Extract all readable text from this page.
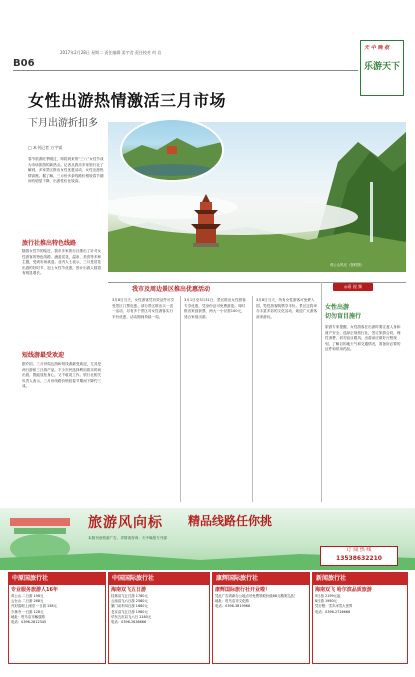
2017年2月28日 星期二 责任编辑 姜宇君 责任校对 何 岩
B06
天 中 晚 报
乐游天下
女性出游热情激活三月市场
下月出游折扣多
□ 本刊记者 万宇霖
鸡公山风光（资料图）
春节旅游旺季刚过，即将到来的“三八”女性节成为市场旅游的新热点。记者从我市多家旅行社了解到，多家景区推出女性优惠活动，女性出游热情高涨。据了解，三月份多条线路价格较春节期间有明显下降，出游性价比较高。
旅行社推出特色线路
随着女性节的临近，我市多家旅行社推出了针对女性游客的特色线路，涵盖赏花、温泉、美食等多种主题，受到市场欢迎。业内人士表示，三月是赏花出游的好时节，加上女性节优惠，预计出游人数将有明显增长。
短线游最受欢迎
据介绍，三月份周边游和短线游最受欢迎，尤其是两日游和三日游产品。不少市民选择利用周末时间出游，既能放松身心，又不耽误工作。旅行社相关负责人表示，三月份线路价格较春节期间下降约三成。
我市及周边景区推出优惠活动
3月8日当天，女性游客凭有效证件可享受景区门票优惠。部分景区推出买一送一活动，另有多个景区对女性游客实行半价优惠，活动期间持续一周。
3月1日至3月31日，景区推出女性游客专享优惠，凭身份证可免费游览。同时推出家庭套票，两大一小仅需100元，适合家庭出游。
3月8日当天，所有女性游客可免费入园，男性游客购票享半价。景区还将举办丰富多彩的文化活动，欢迎广大游客前来游玩。
◎看 视 频
女性出游
切勿盲目施行
旅游专家提醒，女性游客在出游时要注意人身和财产安全，选择正规旅行社，签订旅游合同，理性消费，切勿盲目跟风。出游前应做好行程规划，了解目的地天气和交通情况，准备好必要的证件和常用药品。
旅游风向标 精品线路任你挑
本版刊登旅游广告，详情请咨询：天中晚报专刊部
订 阅 热 线
13538632210
中原国旅行社
专业服务旅游人16年
鸡公山 二日游 198元
云台山 二日游 268元
开封清明上河园 一日游 158元
少林寺 一日游 128元
地址：驻马店市解放路
电话：0396-2812345
中国国际旅行社
海南双飞五日游
桂林双飞五日游 1780元
云南双飞六日游 2580元
厦门动车四日游 1680元
北京双飞五日游 1980元
华东五市双飞六日 2180元
电话：0396-2636666
康辉国际旅行社
康辉国际旅行社开业啦！
凭此广告到新办公地点可免费领取价值68元精美礼品！
地址：驻马店市文化路
电话：0396-3819968
新闻旅行社
海南双飞 哈尔滨品质旅游
5日游 2199元起
8日游 1980元
凭行程：雪乡冰雪大世界
电话：0396-2726666
